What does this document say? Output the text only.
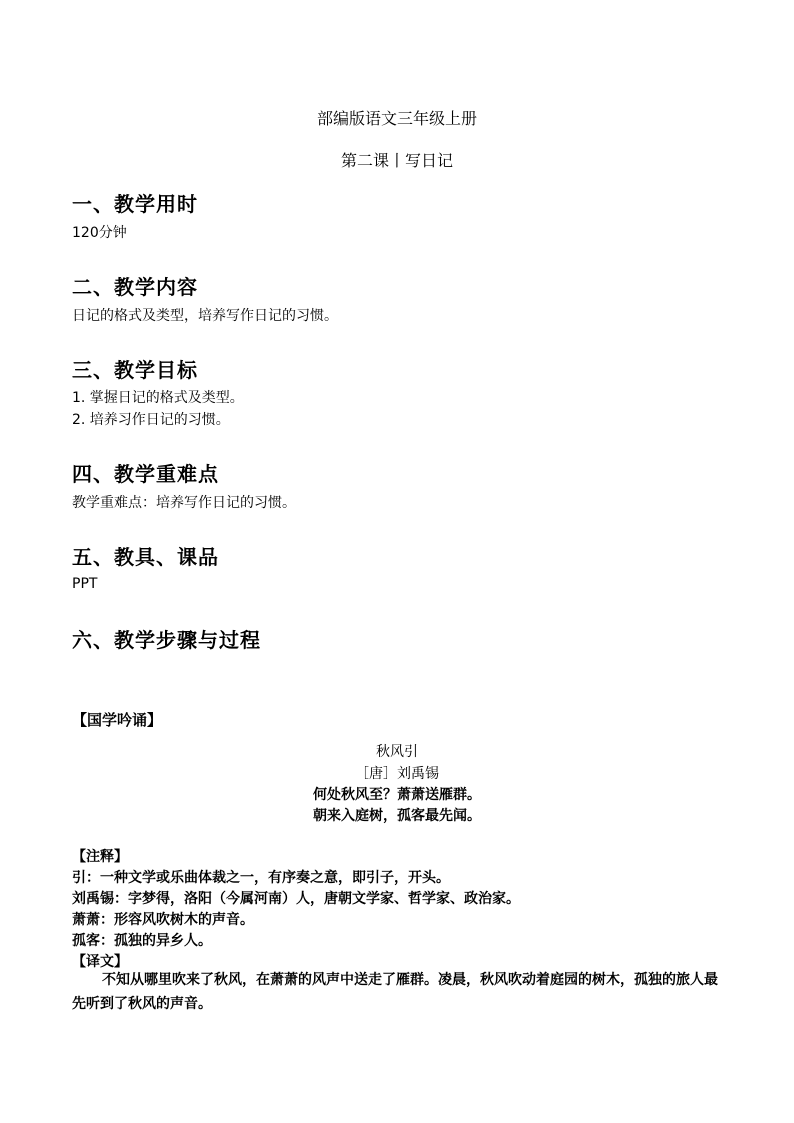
部编版语文三年级上册
第二课丨写日记
一、教学用时
120分钟
二、教学内容
日记的格式及类型，培养写作日记的习惯。
三、教学目标
1. 掌握日记的格式及类型。
2. 培养习作日记的习惯。
四、教学重难点
教学重难点：培养写作日记的习惯。
五、教具、课品
PPT
六、教学步骤与过程
【国学吟诵】
秋风引
［唐］刘禹锡
何处秋风至？萧萧送雁群。
朝来入庭树，孤客最先闻。
【注释】
引：一种文学或乐曲体裁之一，有序奏之意，即引子，开头。
刘禹锡：字梦得，洛阳（今属河南）人，唐朝文学家、哲学家、政治家。
萧萧：形容风吹树木的声音。
孤客：孤独的异乡人。
【译文】
不知从哪里吹来了秋风，在萧萧的风声中送走了雁群。凌晨，秋风吹动着庭园的树木，孤独的旅人最先听到了秋风的声音。
